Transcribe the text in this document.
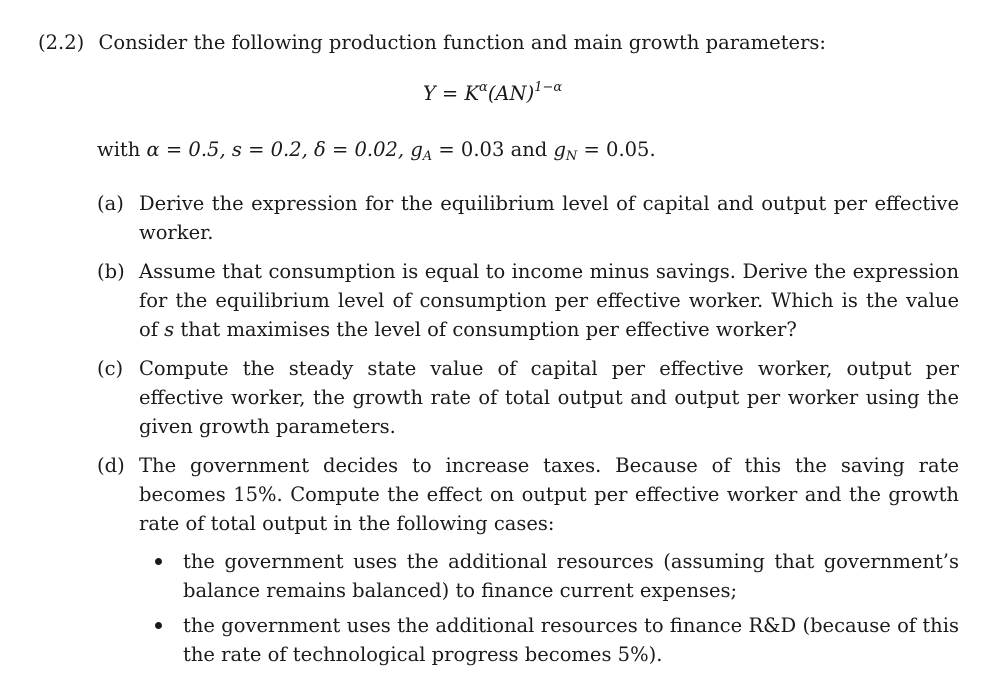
(2.2) Consider the following production function and main growth parameters:
$Y = K^\alpha(AN)^{1-\alpha}$
with α = 0.5, s = 0.2, δ = 0.02, $g_A = 0.03$ and $g_N = 0.05$.
(a) Derive the expression for the equilibrium level of capital and output per effective worker.
(b) Assume that consumption is equal to income minus savings. Derive the expression for the equilibrium level of consumption per effective worker. Which is the value of s that maximises the level of consumption per effective worker?
(c) Compute the steady state value of capital per effective worker, output per effective worker, the growth rate of total output and output per worker using the given growth parameters.
(d) The government decides to increase taxes. Because of this the saving rate becomes 15%. Compute the effect on output per effective worker and the growth rate of total output in the following cases:
the government uses the additional resources (assuming that government’s balance remains balanced) to finance current expenses;
the government uses the additional resources to finance R&D (because of this the rate of technological progress becomes 5%).
